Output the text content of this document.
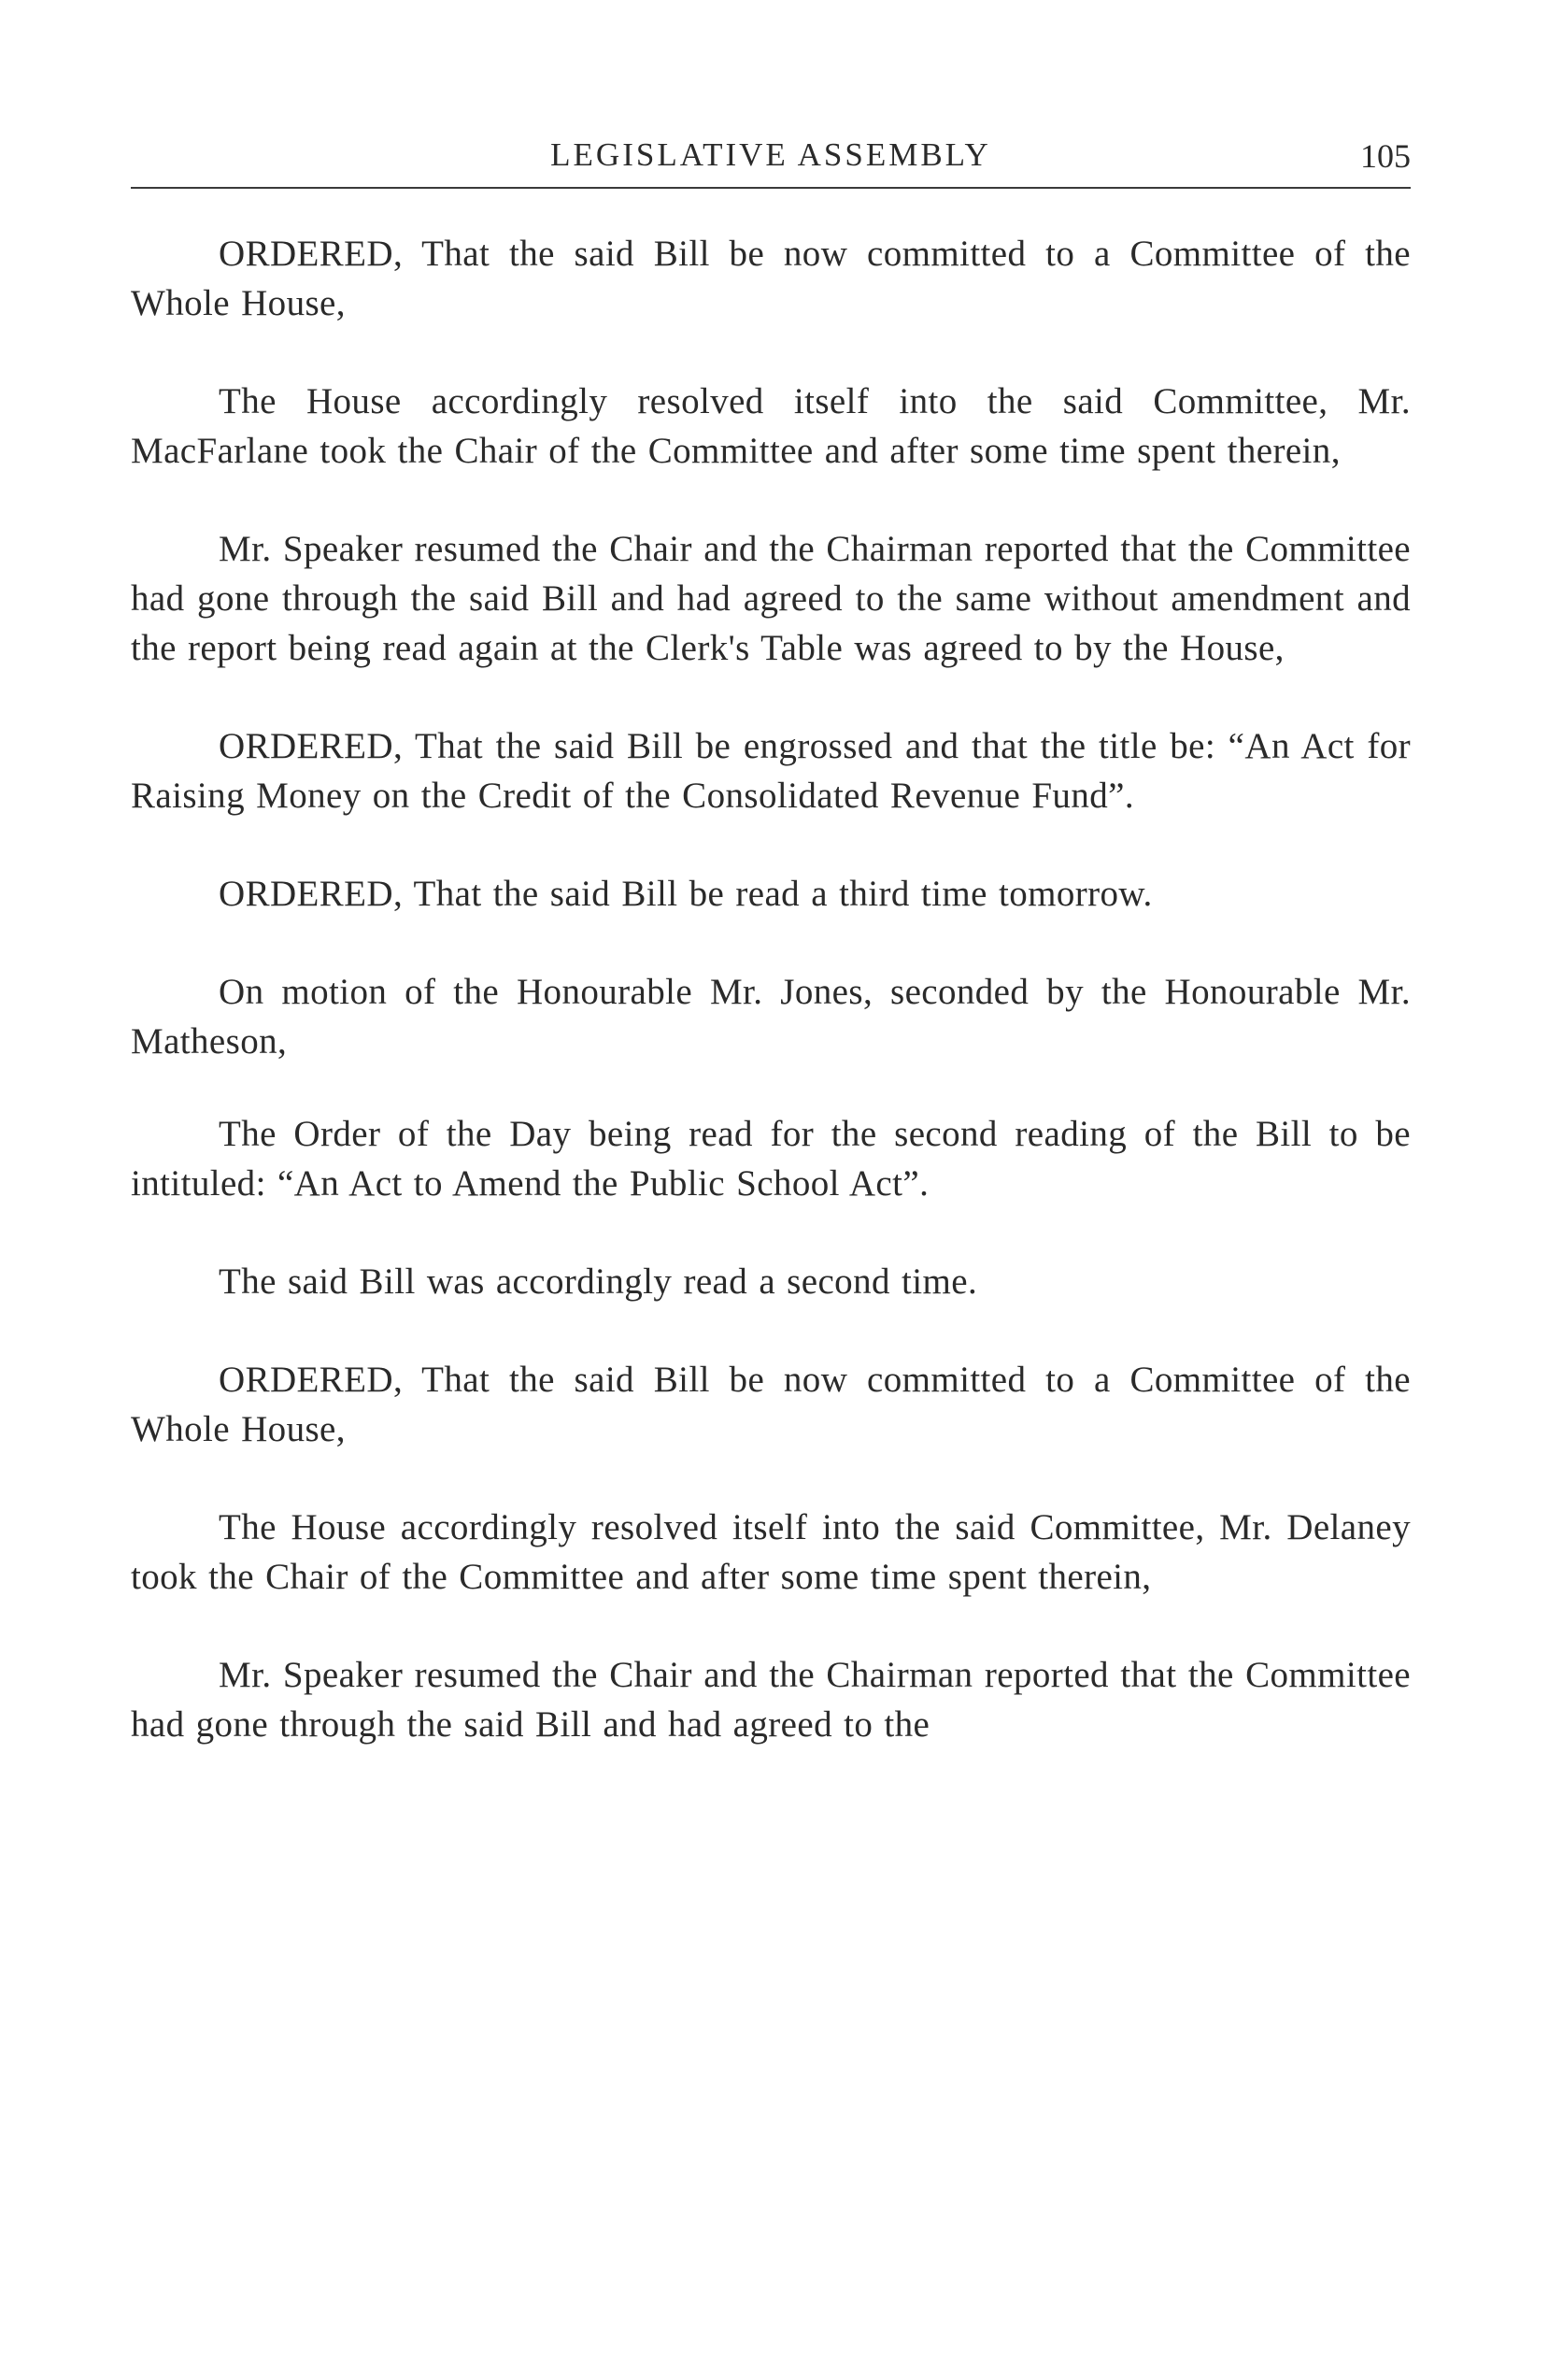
LEGISLATIVE ASSEMBLY	105

ORDERED, That the said Bill be now committed to a Committee of the Whole House,

The House accordingly resolved itself into the said Committee, Mr. MacFarlane took the Chair of the Committee and after some time spent therein,

Mr. Speaker resumed the Chair and the Chairman reported that the Committee had gone through the said Bill and had agreed to the same without amendment and the report being read again at the Clerk's Table was agreed to by the House,

ORDERED, That the said Bill be engrossed and that the title be: “An Act for Raising Money on the Credit of the Consolidated Revenue Fund”.

ORDERED, That the said Bill be read a third time tomorrow.

On motion of the Honourable Mr. Jones, seconded by the Honourable Mr. Matheson,

The Order of the Day being read for the second reading of the Bill to be intituled: “An Act to Amend the Public School Act”.

The said Bill was accordingly read a second time.

ORDERED, That the said Bill be now committed to a Committee of the Whole House,

The House accordingly resolved itself into the said Committee, Mr. Delaney took the Chair of the Committee and after some time spent therein,

Mr. Speaker resumed the Chair and the Chairman reported that the Committee had gone through the said Bill and had agreed to the
